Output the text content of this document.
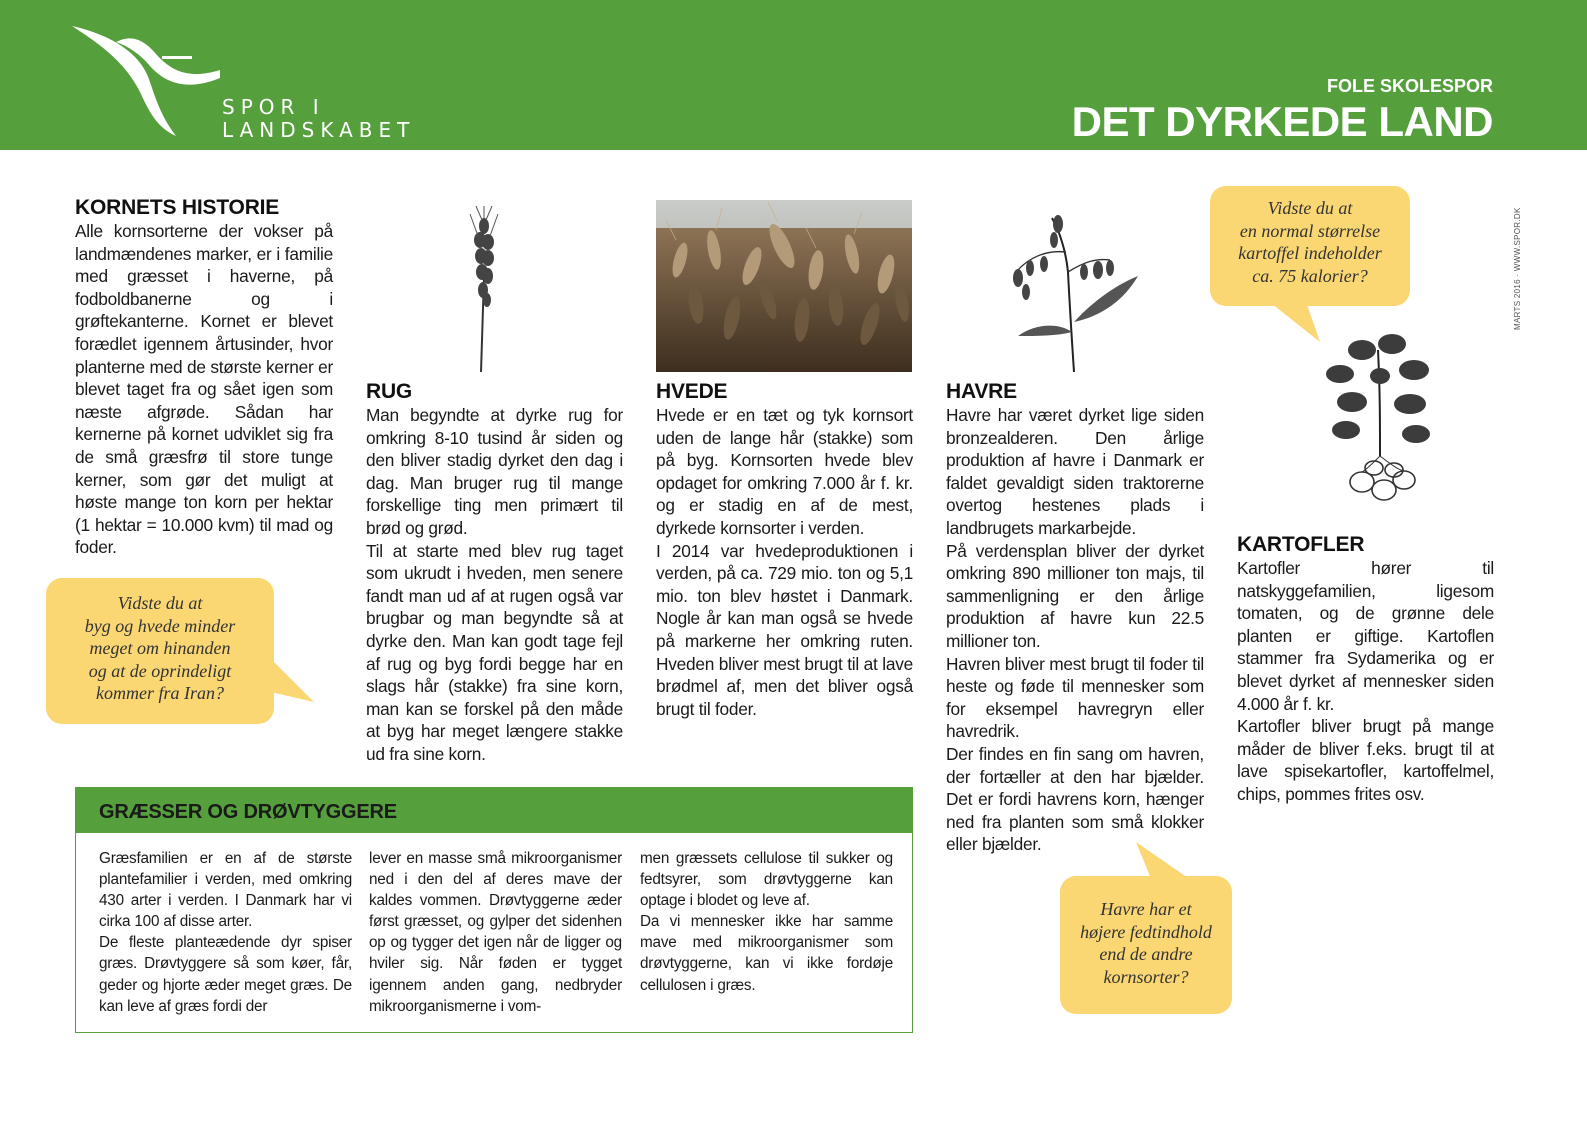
SPOR I
LANDSKABET
FOLE SKOLESPOR
DET DYRKEDE LAND
MARTS 2016 · WWW.SPOR.DK
KORNETS HISTORIE

Alle kornsorterne der vokser på landmændenes marker, er i familie med græsset i haverne, på fodboldbanerne og i grøftekanterne. Kornet er blevet forædlet igennem årtusinder, hvor planterne med de største kerner er blevet taget fra og sået igen som næste afgrøde. Sådan har kernerne på kornet udviklet sig fra de små græsfrø til store tunge kerner, som gør det muligt at høste mange ton korn per hektar (1 hektar = 10.000 kvm) til mad og foder.

RUG

Man begyndte at dyrke rug for omkring 8-10 tusind år siden og den bliver stadig dyrket den dag i dag. Man bruger rug til mange forskellige ting men primært til brød og grød.

Til at starte med blev rug taget som ukrudt i hveden, men senere fandt man ud af at rugen også var brugbar og man begyndte så at dyrke den. Man kan godt tage fejl af rug og byg fordi begge har en slags hår (stakke) fra sine korn, man kan se forskel på den måde at byg har meget længere stakke ud fra sine korn.

HVEDE

Hvede er en tæt og tyk kornsort uden de lange hår (stakke) som på byg. Kornsorten hvede blev opdaget for omkring 7.000 år f. kr. og er stadig en af de mest, dyrkede kornsorter i verden.

I 2014 var hvedeproduktionen i verden, på ca. 729 mio. ton og 5,1 mio. ton blev høstet i Danmark. Nogle år kan man også se hvede på markerne her omkring ruten. Hveden bliver mest brugt til at lave brødmel af, men det bliver også brugt til foder.

HAVRE

Havre har været dyrket lige siden bronzealderen. Den årlige produktion af havre i Danmark er faldet gevaldigt siden traktorerne overtog hestenes plads i landbrugets markarbejde.

På verdensplan bliver der dyrket omkring 890 millioner ton majs, til sammenligning er den årlige produktion af havre kun 22.5 millioner ton.

Havren bliver mest brugt til foder til heste og føde til mennesker som for eksempel havregryn eller havredrik.

Der findes en fin sang om havren, der fortæller at den har bjælder. Det er fordi havrens korn, hænger ned fra planten som små klokker eller bjælder.

KARTOFLER

Kartofler hører til natskyggefamilien, ligesom tomaten, og de grønne dele planten er giftige. Kartoflen stammer fra Sydamerika og er blevet dyrket af mennesker siden 4.000 år f. kr.

Kartofler bliver brugt på mange måder de bliver f.eks. brugt til at lave spisekartofler, kartoffelmel, chips, pommes frites osv.

Vidste du at
byg og hvede minder
meget om hinanden
og at de oprindeligt
kommer fra Iran?

Vidste du at
en normal størrelse
kartoffel indeholder
ca. 75 kalorier?

Havre har et
højere fedtindhold
end de andre
kornsorter?

GRÆSSER OG DRØVTYGGERE

Græsfamilien er en af de største plantefamilier i verden, med omkring 430 arter i verden. I Danmark har vi cirka 100 af disse arter.

De fleste planteædende dyr spiser græs. Drøvtyggere så som køer, får, geder og hjorte æder meget græs. De kan leve af græs fordi der

lever en masse små mikroorganismer ned i den del af deres mave der kaldes vommen. Drøvtyggerne æder først græsset, og gylper det sidenhen op og tygger det igen når de ligger og hviler sig. Når føden er tygget igennem anden gang, nedbryder mikroorganismerne i vom-

men græssets cellulose til sukker og fedtsyrer, som drøvtyggerne kan optage i blodet og leve af.

Da vi mennesker ikke har samme mave med mikroorganismer som drøvtyggerne, kan vi ikke fordøje cellulosen i græs.
